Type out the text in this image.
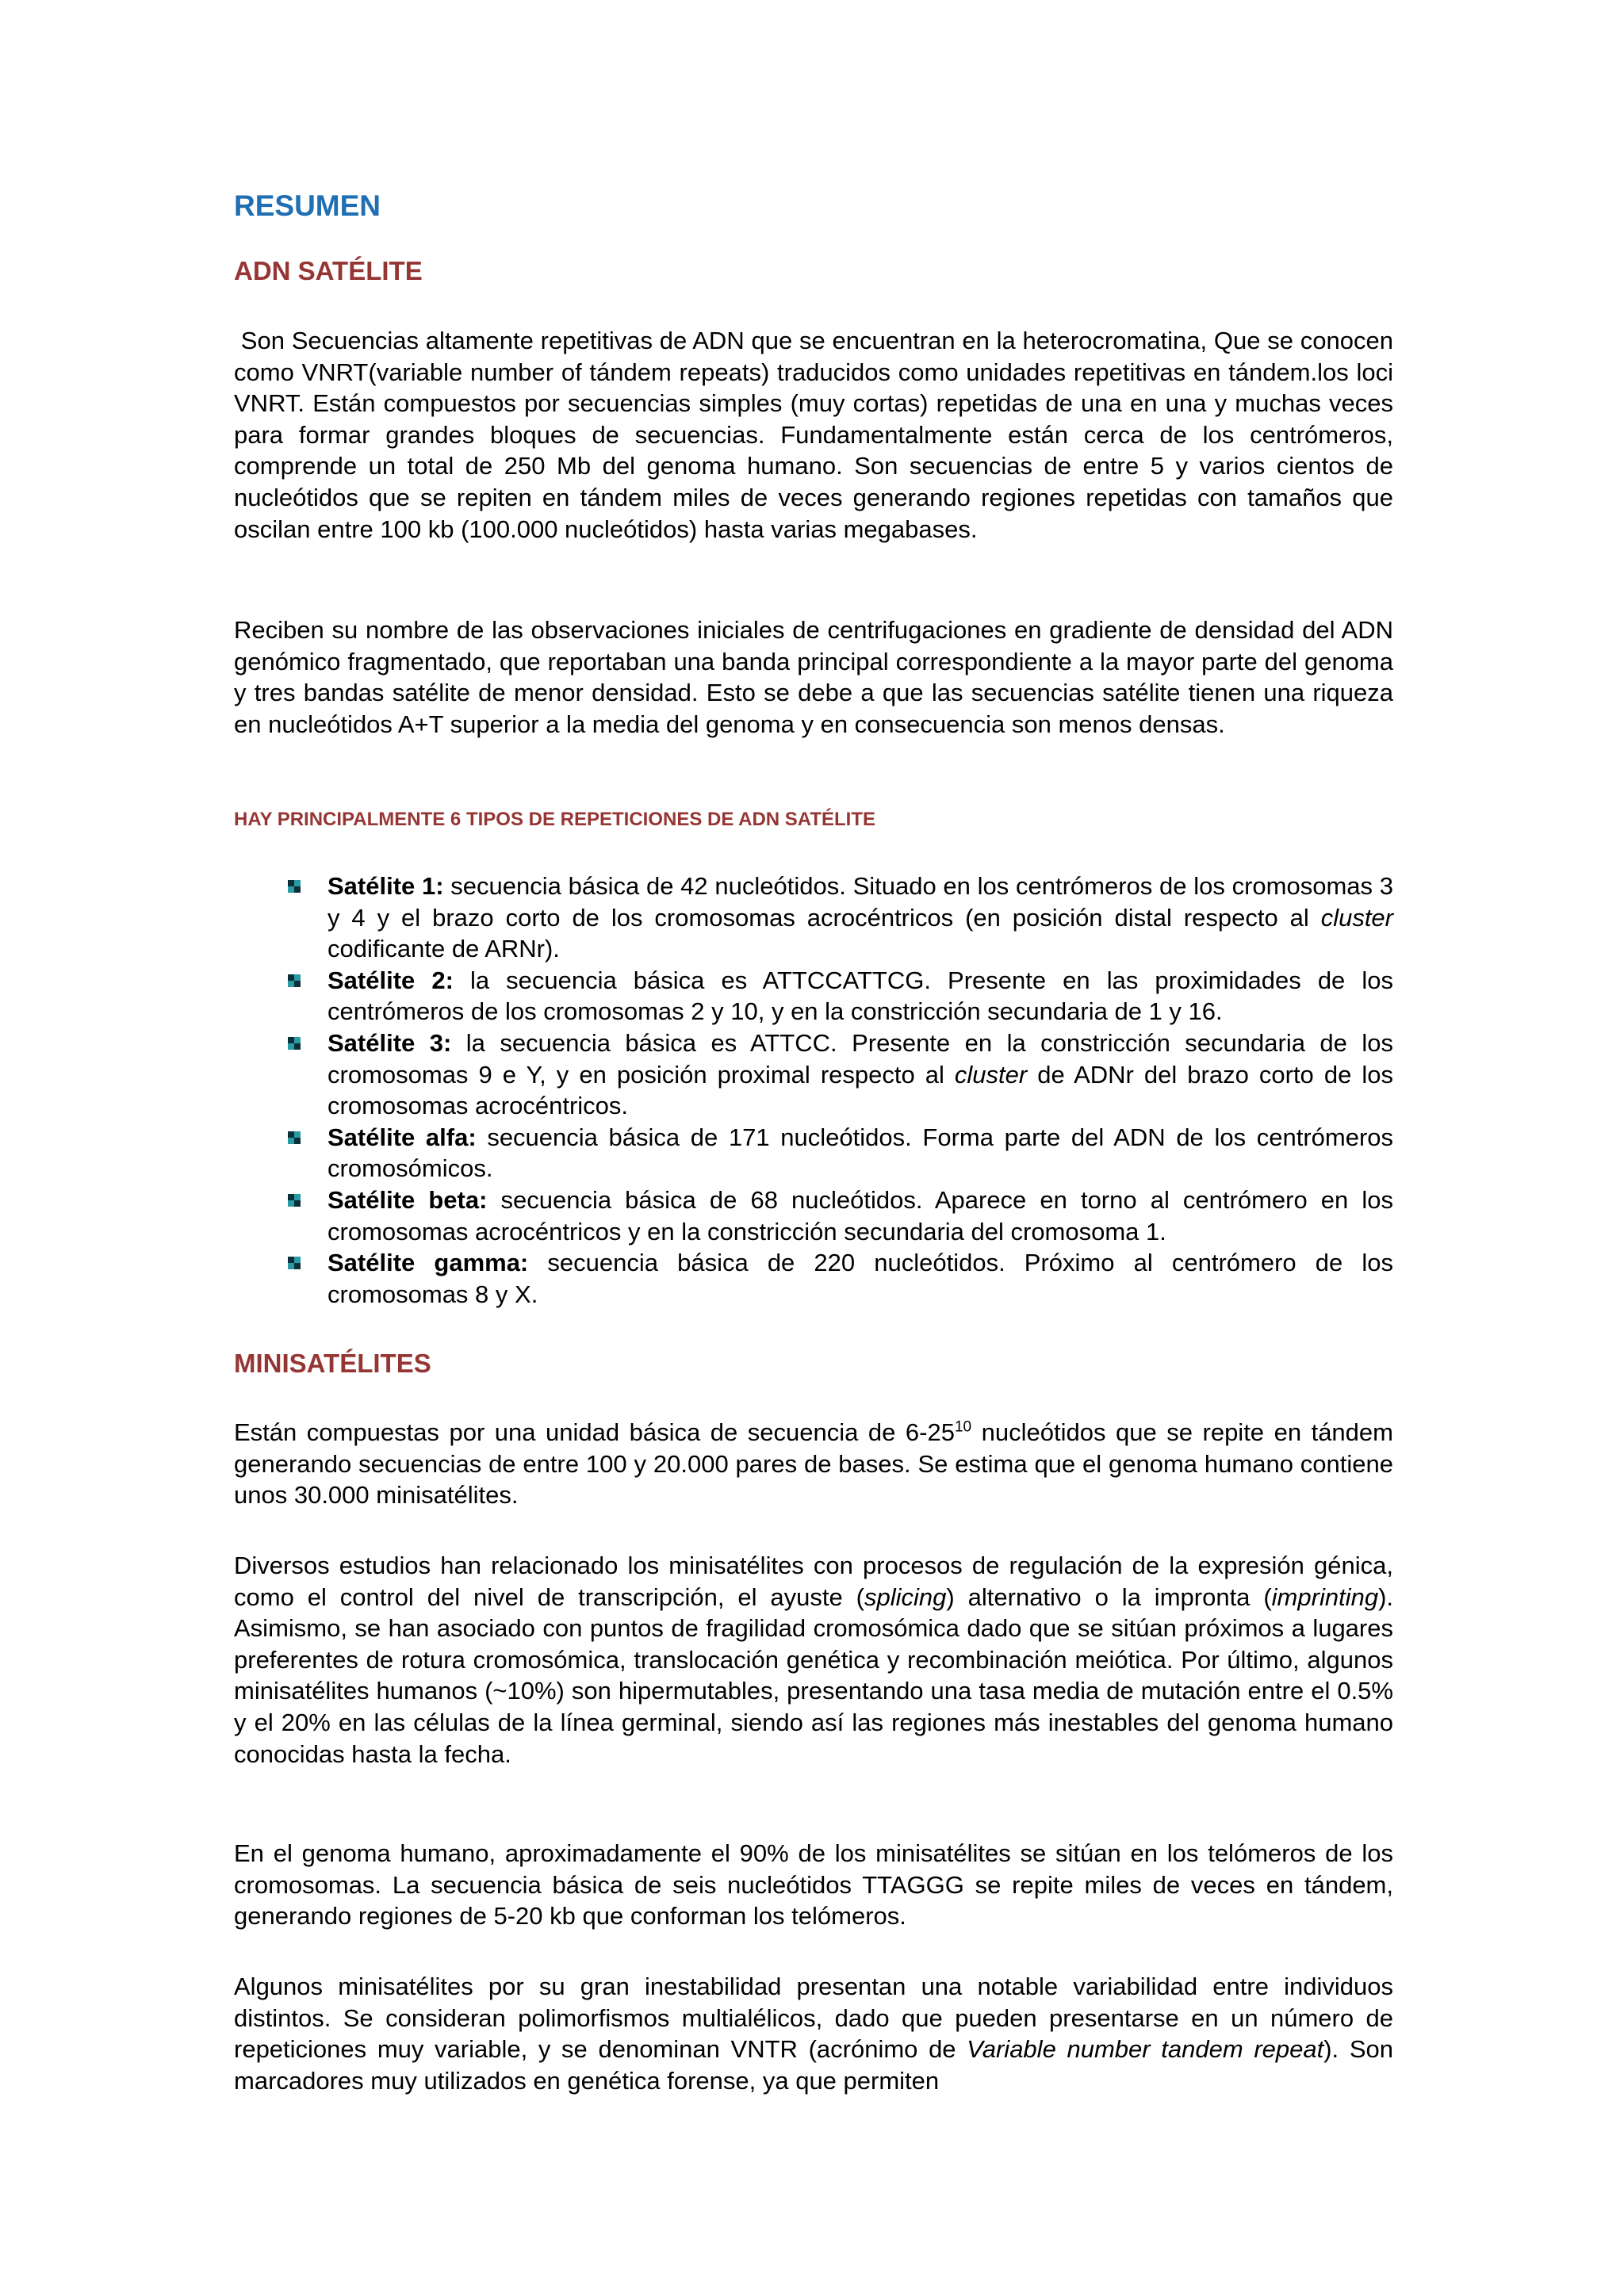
RESUMEN
ADN SATÉLITE

Son Secuencias altamente repetitivas de ADN que se encuentran en la heterocromatina, Que se conocen como VNRT(variable number of tándem repeats) traducidos como unidades repetitivas en tándem.los loci VNRT. Están compuestos por secuencias simples (muy cortas) repetidas de una en una y muchas veces para formar grandes bloques de secuencias. Fundamentalmente están cerca de los centrómeros, comprende un total de 250 Mb del genoma humano. Son secuencias de entre 5 y varios cientos de nucleótidos que se repiten en tándem miles de veces generando regiones repetidas con tamaños que oscilan entre 100 kb (100.000 nucleótidos) hasta varias megabases.

Reciben su nombre de las observaciones iniciales de centrifugaciones en gradiente de densidad del ADN genómico fragmentado, que reportaban una banda principal correspondiente a la mayor parte del genoma y tres bandas satélite de menor densidad. Esto se debe a que las secuencias satélite tienen una riqueza en nucleótidos A+T superior a la media del genoma y en consecuencia son menos densas.

HAY PRINCIPALMENTE 6 TIPOS DE REPETICIONES DE ADN SATÉLITE
Satélite 1: secuencia básica de 42 nucleótidos. Situado en los centrómeros de los cromosomas 3 y 4 y el brazo corto de los cromosomas acrocéntricos (en posición distal respecto al cluster codificante de ARNr).
Satélite 2: la secuencia básica es ATTCCATTCG. Presente en las proximidades de los centrómeros de los cromosomas 2 y 10, y en la constricción secundaria de 1 y 16.
Satélite 3: la secuencia básica es ATTCC. Presente en la constricción secundaria de los cromosomas 9 e Y, y en posición proximal respecto al cluster de ADNr del brazo corto de los cromosomas acrocéntricos.
Satélite alfa: secuencia básica de 171 nucleótidos. Forma parte del ADN de los centrómeros cromosómicos.
Satélite beta: secuencia básica de 68 nucleótidos. Aparece en torno al centrómero en los cromosomas acrocéntricos y en la constricción secundaria del cromosoma 1.
Satélite gamma: secuencia básica de 220 nucleótidos. Próximo al centrómero de los cromosomas 8 y X.
MINISATÉLITES

Están compuestas por una unidad básica de secuencia de $6-25^{10}$ nucleótidos que se repite en tándem generando secuencias de entre 100 y 20.000 pares de bases. Se estima que el genoma humano contiene unos 30.000 minisatélites.

Diversos estudios han relacionado los minisatélites con procesos de regulación de la expresión génica, como el control del nivel de transcripción, el ayuste (splicing) alternativo o la impronta (imprinting). Asimismo, se han asociado con puntos de fragilidad cromosómica dado que se sitúan próximos a lugares preferentes de rotura cromosómica, translocación genética y recombinación meiótica. Por último, algunos minisatélites humanos (~10%) son hipermutables, presentando una tasa media de mutación entre el 0.5% y el 20% en las células de la línea germinal, siendo así las regiones más inestables del genoma humano conocidas hasta la fecha.

En el genoma humano, aproximadamente el 90% de los minisatélites se sitúan en los telómeros de los cromosomas. La secuencia básica de seis nucleótidos TTAGGG se repite miles de veces en tándem, generando regiones de 5-20 kb que conforman los telómeros.

Algunos minisatélites por su gran inestabilidad presentan una notable variabilidad entre individuos distintos. Se consideran polimorfismos multialélicos, dado que pueden presentarse en un número de repeticiones muy variable, y se denominan VNTR (acrónimo de Variable number tandem repeat). Son marcadores muy utilizados en genética forense, ya que permiten
